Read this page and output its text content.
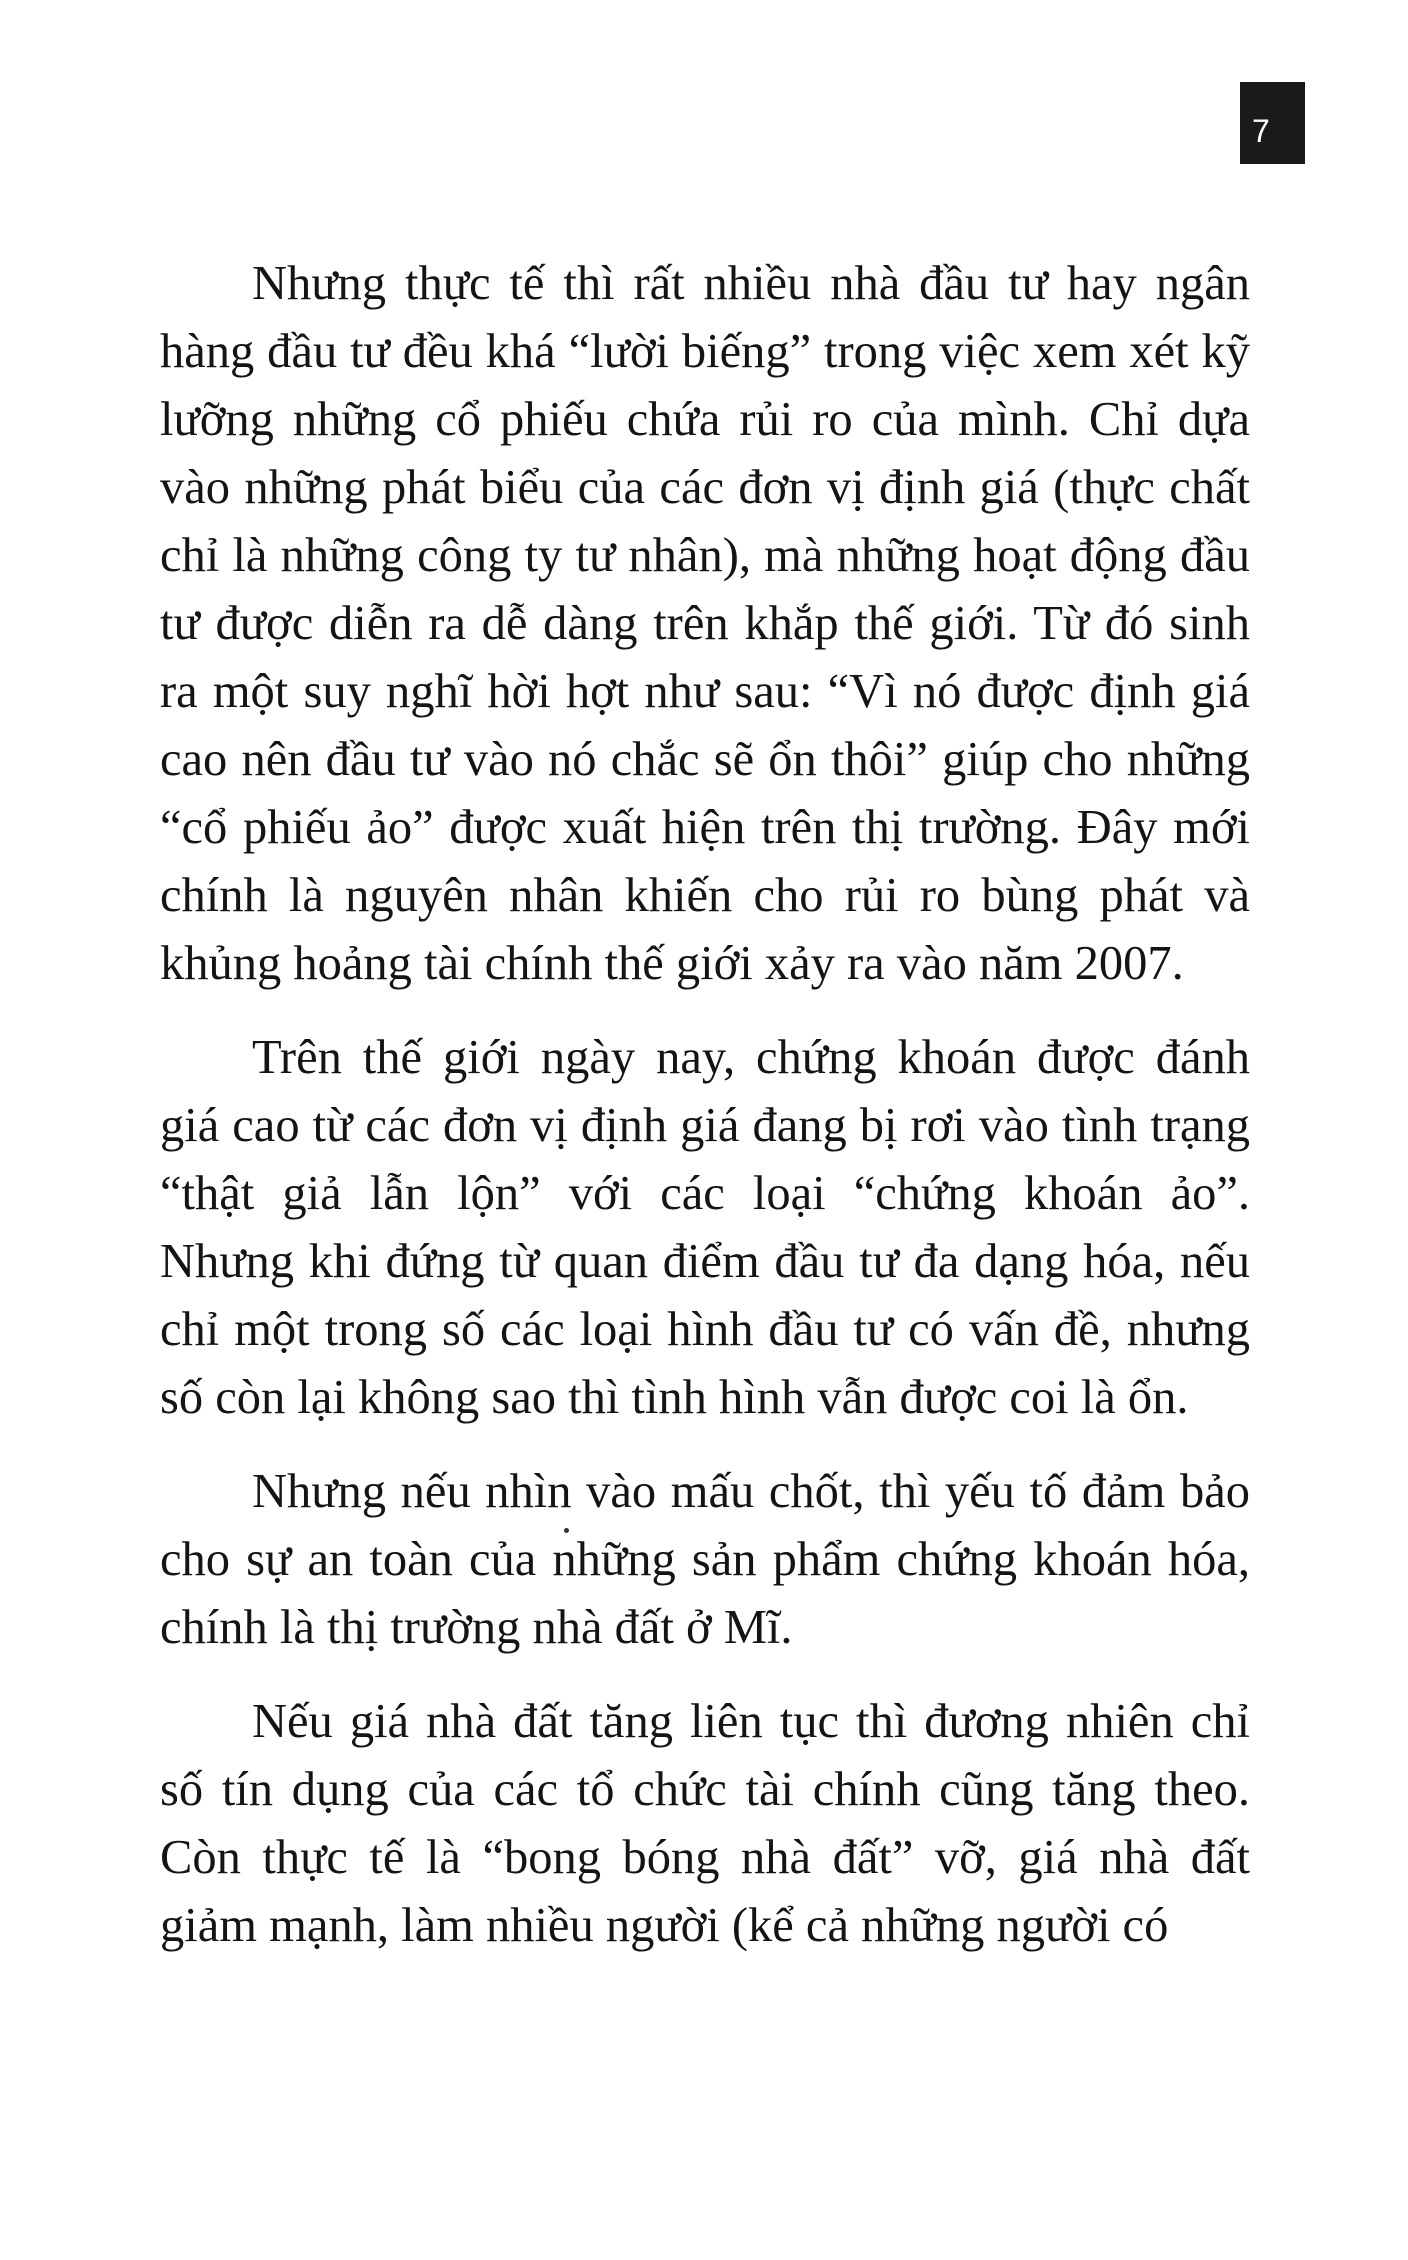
7

Nhưng thực tế thì rất nhiều nhà đầu tư hay ngân hàng đầu tư đều khá “lười biếng” trong việc xem xét kỹ lưỡng những cổ phiếu chứa rủi ro của mình. Chỉ dựa vào những phát biểu của các đơn vị định giá (thực chất chỉ là những công ty tư nhân), mà những hoạt động đầu tư được diễn ra dễ dàng trên khắp thế giới. Từ đó sinh ra một suy nghĩ hời hợt như sau: “Vì nó được định giá cao nên đầu tư vào nó chắc sẽ ổn thôi” giúp cho những “cổ phiếu ảo” được xuất hiện trên thị trường. Đây mới chính là nguyên nhân khiến cho rủi ro bùng phát và khủng hoảng tài chính thế giới xảy ra vào năm 2007.

Trên thế giới ngày nay, chứng khoán được đánh giá cao từ các đơn vị định giá đang bị rơi vào tình trạng “thật giả lẫn lộn” với các loại “chứng khoán ảo”. Nhưng khi đứng từ quan điểm đầu tư đa dạng hóa, nếu chỉ một trong số các loại hình đầu tư có vấn đề, nhưng số còn lại không sao thì tình hình vẫn được coi là ổn.

Nhưng nếu nhìn vào mấu chốt, thì yếu tố đảm bảo cho sự an toàn của những sản phẩm chứng khoán hóa, chính là thị trường nhà đất ở Mĩ.

Nếu giá nhà đất tăng liên tục thì đương nhiên chỉ số tín dụng của các tổ chức tài chính cũng tăng theo. Còn thực tế là “bong bóng nhà đất” vỡ, giá nhà đất giảm mạnh, làm nhiều người (kể cả những người có
